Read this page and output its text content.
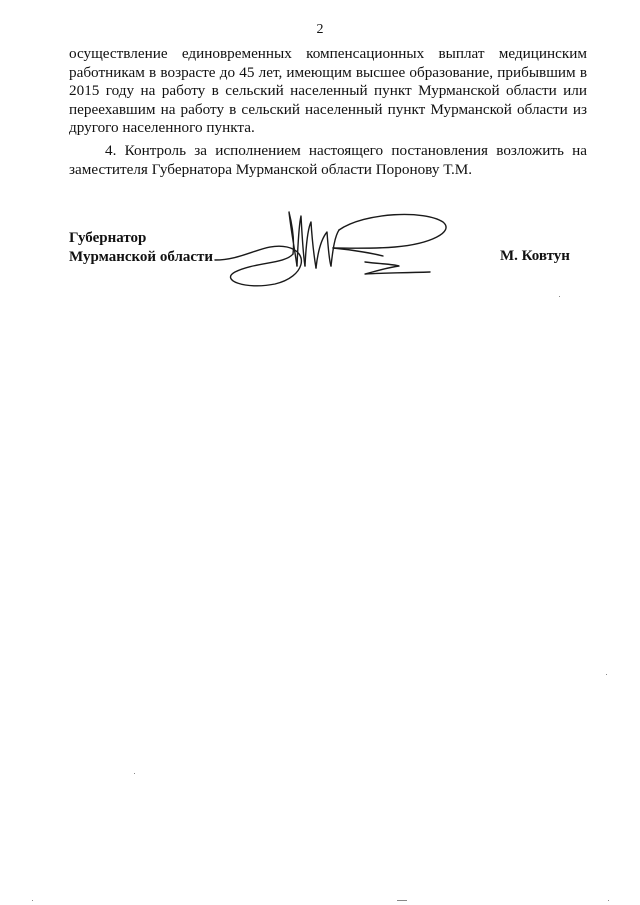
2
осуществление единовременных компенсационных выплат медицинским
работникам в возрасте до 45 лет, имеющим высшее образование, прибывшим в
2015 году на работу в сельский населенный пункт Мурманской области или
переехавшим на работу в сельский населенный пункт Мурманской области из
другого населенного пункта.
4. Контроль за исполнением настоящего постановления возложить на
заместителя Губернатора Мурманской области Поронову Т.М.
Губернатор
Мурманской области	М. Ковтун
